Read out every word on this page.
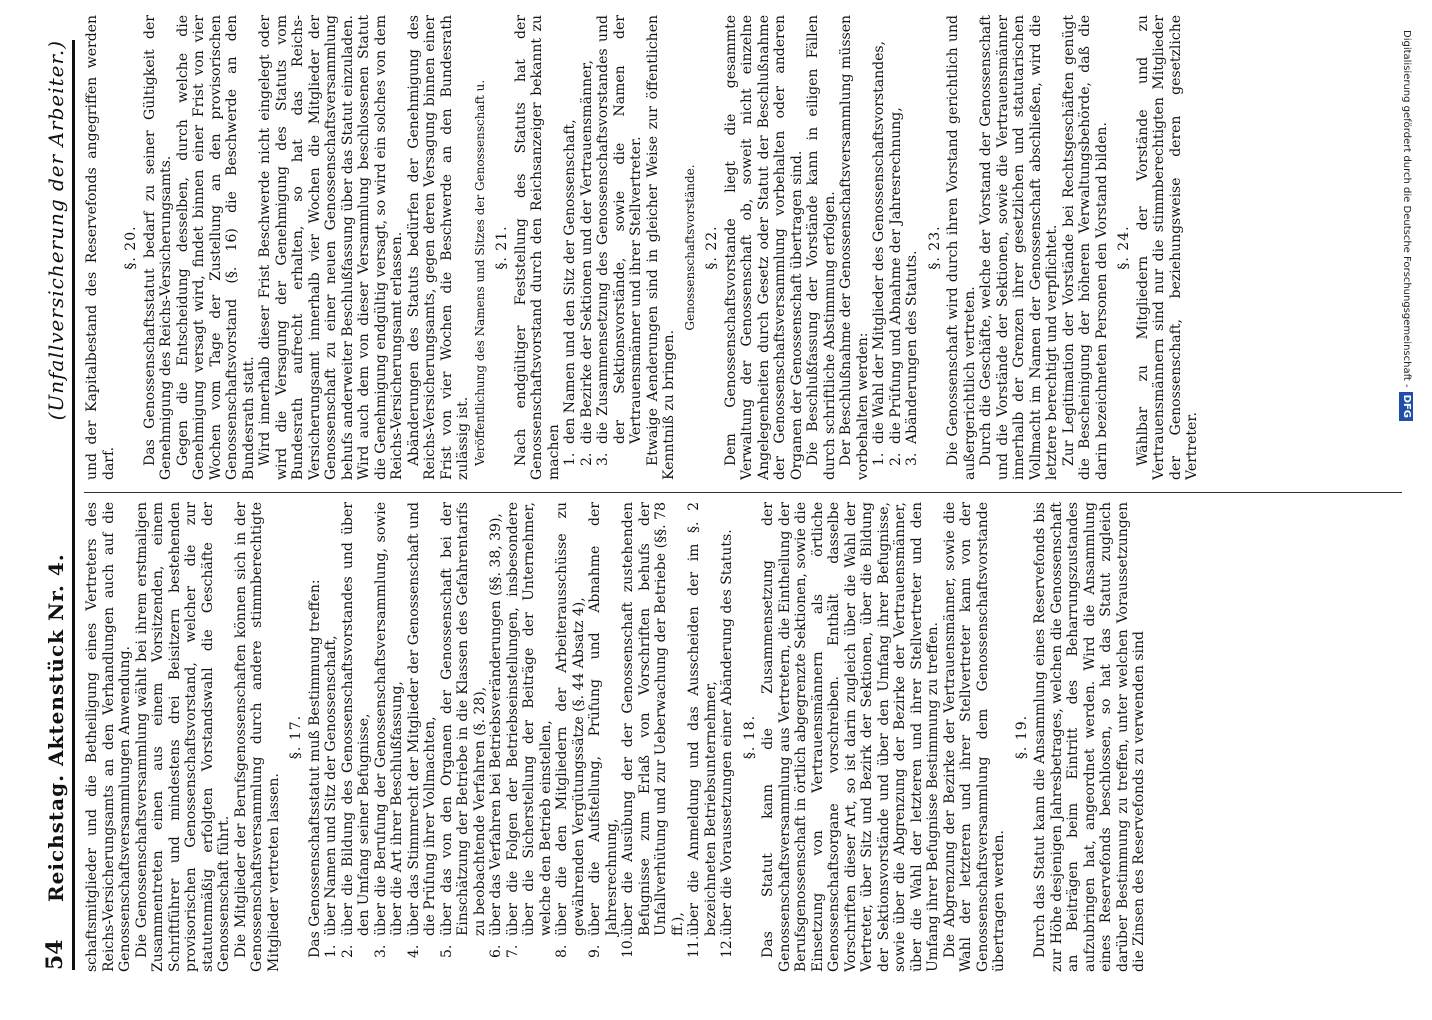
54
Reichstag. Aktenstück Nr. 4.
(Unfallversicherung der Arbeiter.)

schaftsmitglieder und die Betheiligung eines Vertreters des Reichs-Versicherungsamts an den Verhandlungen auch auf die Genossenschaftsversammlungen Anwendung. Die Genossenschaftsversammlung wählt bei ihrem erstmaligen Zusammentreten einen aus einem Vorsitzenden, einem Schriftführer und mindestens drei Beisitzern bestehenden provisorischen Genossenschaftsvorstand, welcher die zur statutenmäßig erfolgten Vorstandswahl die Geschäfte der Genossenschaft führt. Die Mitglieder der Berufsgenossenschaften können sich in der Genossenschaftsversammlung durch andere stimmberechtigte Mitglieder vertreten lassen.

§. 17. Das Genossenschaftsstatut muß Bestimmung treffen: 1.über Namen und Sitz der Genossenschaft,
2.über die Bildung des Genossenschaftsvorstandes und über den Umfang seiner Befugnisse,
3.über die Berufung der Genossenschaftsversammlung, sowie über die Art ihrer Beschlußfassung,
4.über das Stimmrecht der Mitglieder der Genossenschaft und die Prüfung ihrer Vollmachten,
5.über das von den Organen der Genossenschaft bei der Einschätzung der Betriebe in die Klassen des Gefahrentarifs zu beobachtende Verfahren (§. 28),
6.über das Verfahren bei Betriebsveränderungen (§§. 38, 39),
7.über die Folgen der Betriebseinstellungen, insbesondere über die Sicherstellung der Beiträge der Unternehmer, welche den Betrieb einstellen,
8.über die den Mitgliedern der Arbeiterausschüsse zu gewährenden Vergütungssätze (§. 44 Absatz 4),
9.über die Aufstellung, Prüfung und Abnahme der Jahresrechnung,
10.über die Ausübung der der Genossenschaft zustehenden Befugnisse zum Erlaß von Vorschriften behufs der Unfallverhütung und zur Ueberwachung der Betriebe (§§. 78 ff.),
11.über die Anmeldung und das Ausscheiden der im §. 2 bezeichneten Betriebsunternehmer,
12.über die Voraussetzungen einer Abänderung des Statuts. §. 18. Das Statut kann die Zusammensetzung der Genossenschaftsversammlung aus Vertretern, die Eintheilung der Berufsgenossenschaft in örtlich abgegrenzte Sektionen, sowie die Einsetzung von Vertrauensmännern als örtliche Genossenschaftsorgane vorschreiben. Enthält dasselbe Vorschriften dieser Art, so ist darin zugleich über die Wahl der Vertreter, über Sitz und Bezirk der Sektionen, über die Bildung der Sektionsvorstände und über den Umfang ihrer Befugnisse, sowie über die Abgrenzung der Bezirke der Vertrauensmänner, über die Wahl der letzteren und ihrer Stellvertreter und den Umfang ihrer Befugnisse Bestimmung zu treffen. Die Abgrenzung der Bezirke der Vertrauensmänner, sowie die Wahl der letzteren und ihrer Stellvertreter kann von der Genossenschaftsversammlung dem Genossenschaftsvorstande übertragen werden.

§. 19. Durch das Statut kann die Ansammlung eines Reservefonds bis zur Höhe desjenigen Jahresbetrages, welchen die Genossenschaft an Beiträgen beim Eintritt des Beharrungszustandes aufzubringen hat, angeordnet werden. Wird die Ansammlung eines Reservefonds beschlossen, so hat das Statut zugleich darüber Bestimmung zu treffen, unter welchen Voraussetzungen die Zinsen des Reservefonds zu verwenden sind

und der Kapitalbestand des Reservefonds angegriffen werden darf.

§. 20. Das Genossenschaftsstatut bedarf zu seiner Gültigkeit der Genehmigung des Reichs-Versicherungsamts. Gegen die Entscheidung desselben, durch welche die Genehmigung versagt wird, findet binnen einer Frist von vier Wochen vom Tage der Zustellung an den provisorischen Genossenschaftsvorstand (§. 16) die Beschwerde an den Bundesrath statt. Wird innerhalb dieser Frist Beschwerde nicht eingelegt oder wird die Versagung der Genehmigung des Statuts vom Bundesrath aufrecht erhalten, so hat das Reichs-Versicherungsamt innerhalb vier Wochen die Mitglieder der Genossenschaft zu einer neuen Genossenschaftsversammlung behufs anderweiter Beschlußfassung über das Statut einzuladen. Wird auch dem von dieser Versammlung beschlossenen Statut die Genehmigung endgültig versagt, so wird ein solches von dem Reichs-Versicherungsamt erlassen. Abänderungen des Statuts bedürfen der Genehmigung des Reichs-Versicherungsamts, gegen deren Versagung binnen einer Frist von vier Wochen die Beschwerde an den Bundesrath zulässig ist. Veröffentlichung des Namens und Sitzes der Genossenschaft u. §. 21. Nach endgültiger Feststellung des Statuts hat der Genossenschaftsvorstand durch den Reichsanzeiger bekannt zu machen 1.den Namen und den Sitz der Genossenschaft,
2.die Bezirke der Sektionen und der Vertrauensmänner,
3.die Zusammensetzung des Genossenschaftsvorstandes und der Sektionsvorstände, sowie die Namen der Vertrauensmänner und ihrer Stellvertreter. Etwaige Aenderungen sind in gleicher Weise zur öffentlichen Kenntniß zu bringen.

Genossenschaftsvorstände. §. 22. Dem Genossenschaftsvorstande liegt die gesammte Verwaltung der Genossenschaft ob, soweit nicht einzelne Angelegenheiten durch Gesetz oder Statut der Beschlußnahme der Genossenschaftsversammlung vorbehalten oder anderen Organen der Genossenschaft übertragen sind. Die Beschlußfassung der Vorstände kann in eiligen Fällen durch schriftliche Abstimmung erfolgen. Der Beschlußnahme der Genossenschaftsversammlung müssen vorbehalten werden: 1.die Wahl der Mitglieder des Genossenschaftsvorstandes,
2.die Prüfung und Abnahme der Jahresrechnung,
3.Abänderungen des Statuts.
§. 23. Die Genossenschaft wird durch ihren Vorstand gerichtlich und außergerichtlich vertreten. Durch die Geschäfte, welche der Vorstand der Genossenschaft und die Vorstände der Sektionen, sowie die Vertrauensmänner innerhalb der Grenzen ihrer gesetzlichen und statutarischen Vollmacht im Namen der Genossenschaft abschließen, wird die letztere berechtigt und verpflichtet. Zur Legitimation der Vorstände bei Rechtsgeschäften genügt die Bescheinigung der höheren Verwaltungsbehörde, daß die darin bezeichneten Personen den Vorstand bilden. §. 24. Wählbar zu Mitgliedern der Vorstände und zu Vertrauensmännern sind nur die stimmberechtigten Mitglieder der Genossenschaft, beziehungsweise deren gesetzliche Vertreter.

Digitalisierung gefördert durch die Deutsche Forschungsgemeinschaft -DFG
